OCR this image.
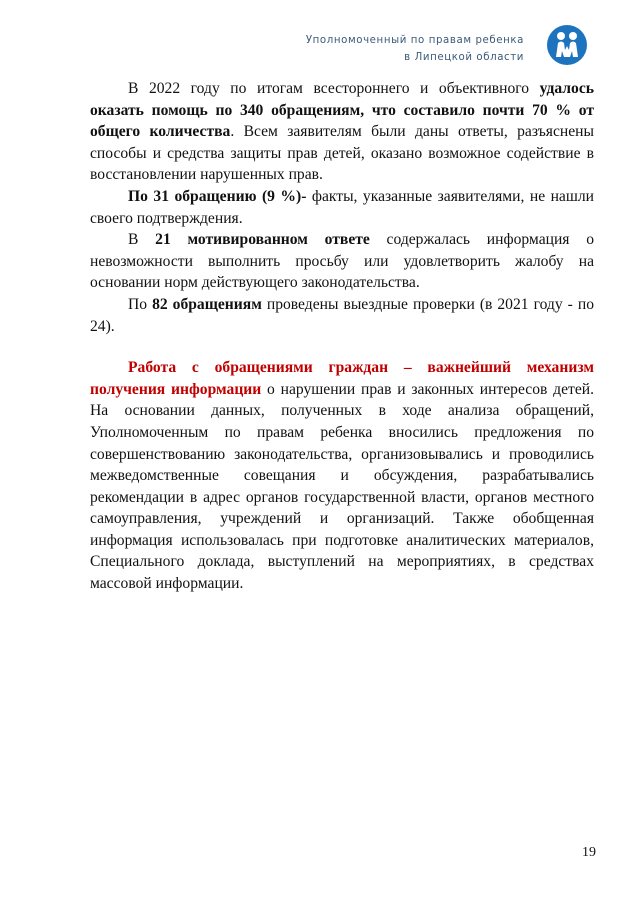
Уполномоченный по правам ребенка
в Липецкой области

В 2022 году по итогам всестороннего и объективного удалось оказать помощь по 340 обращениям, что составило почти 70 % от общего количества. Всем заявителям были даны ответы, разъяснены способы и средства защиты прав детей, оказано возможное содействие в восстановлении нарушенных прав.

По 31 обращению (9 %)- факты, указанные заявителями, не нашли своего подтверждения.

В 21 мотивированном ответе содержалась информация о невозможности выполнить просьбу или удовлетворить жалобу на основании норм действующего законодательства.

По 82 обращениям проведены выездные проверки (в 2021 году - по 24).

Работа с обращениями граждан – важнейший механизм получения информации о нарушении прав и законных интересов детей. На основании данных, полученных в ходе анализа обращений, Уполномоченным по правам ребенка вносились предложения по совершенствованию законодательства, организовывались и проводились межведомственные совещания и обсуждения, разрабатывались рекомендации в адрес органов государственной власти, органов местного самоуправления, учреждений и организаций. Также обобщенная информация использовалась при подготовке аналитических материалов, Специального доклада, выступлений на мероприятиях, в средствах массовой информации.

19
